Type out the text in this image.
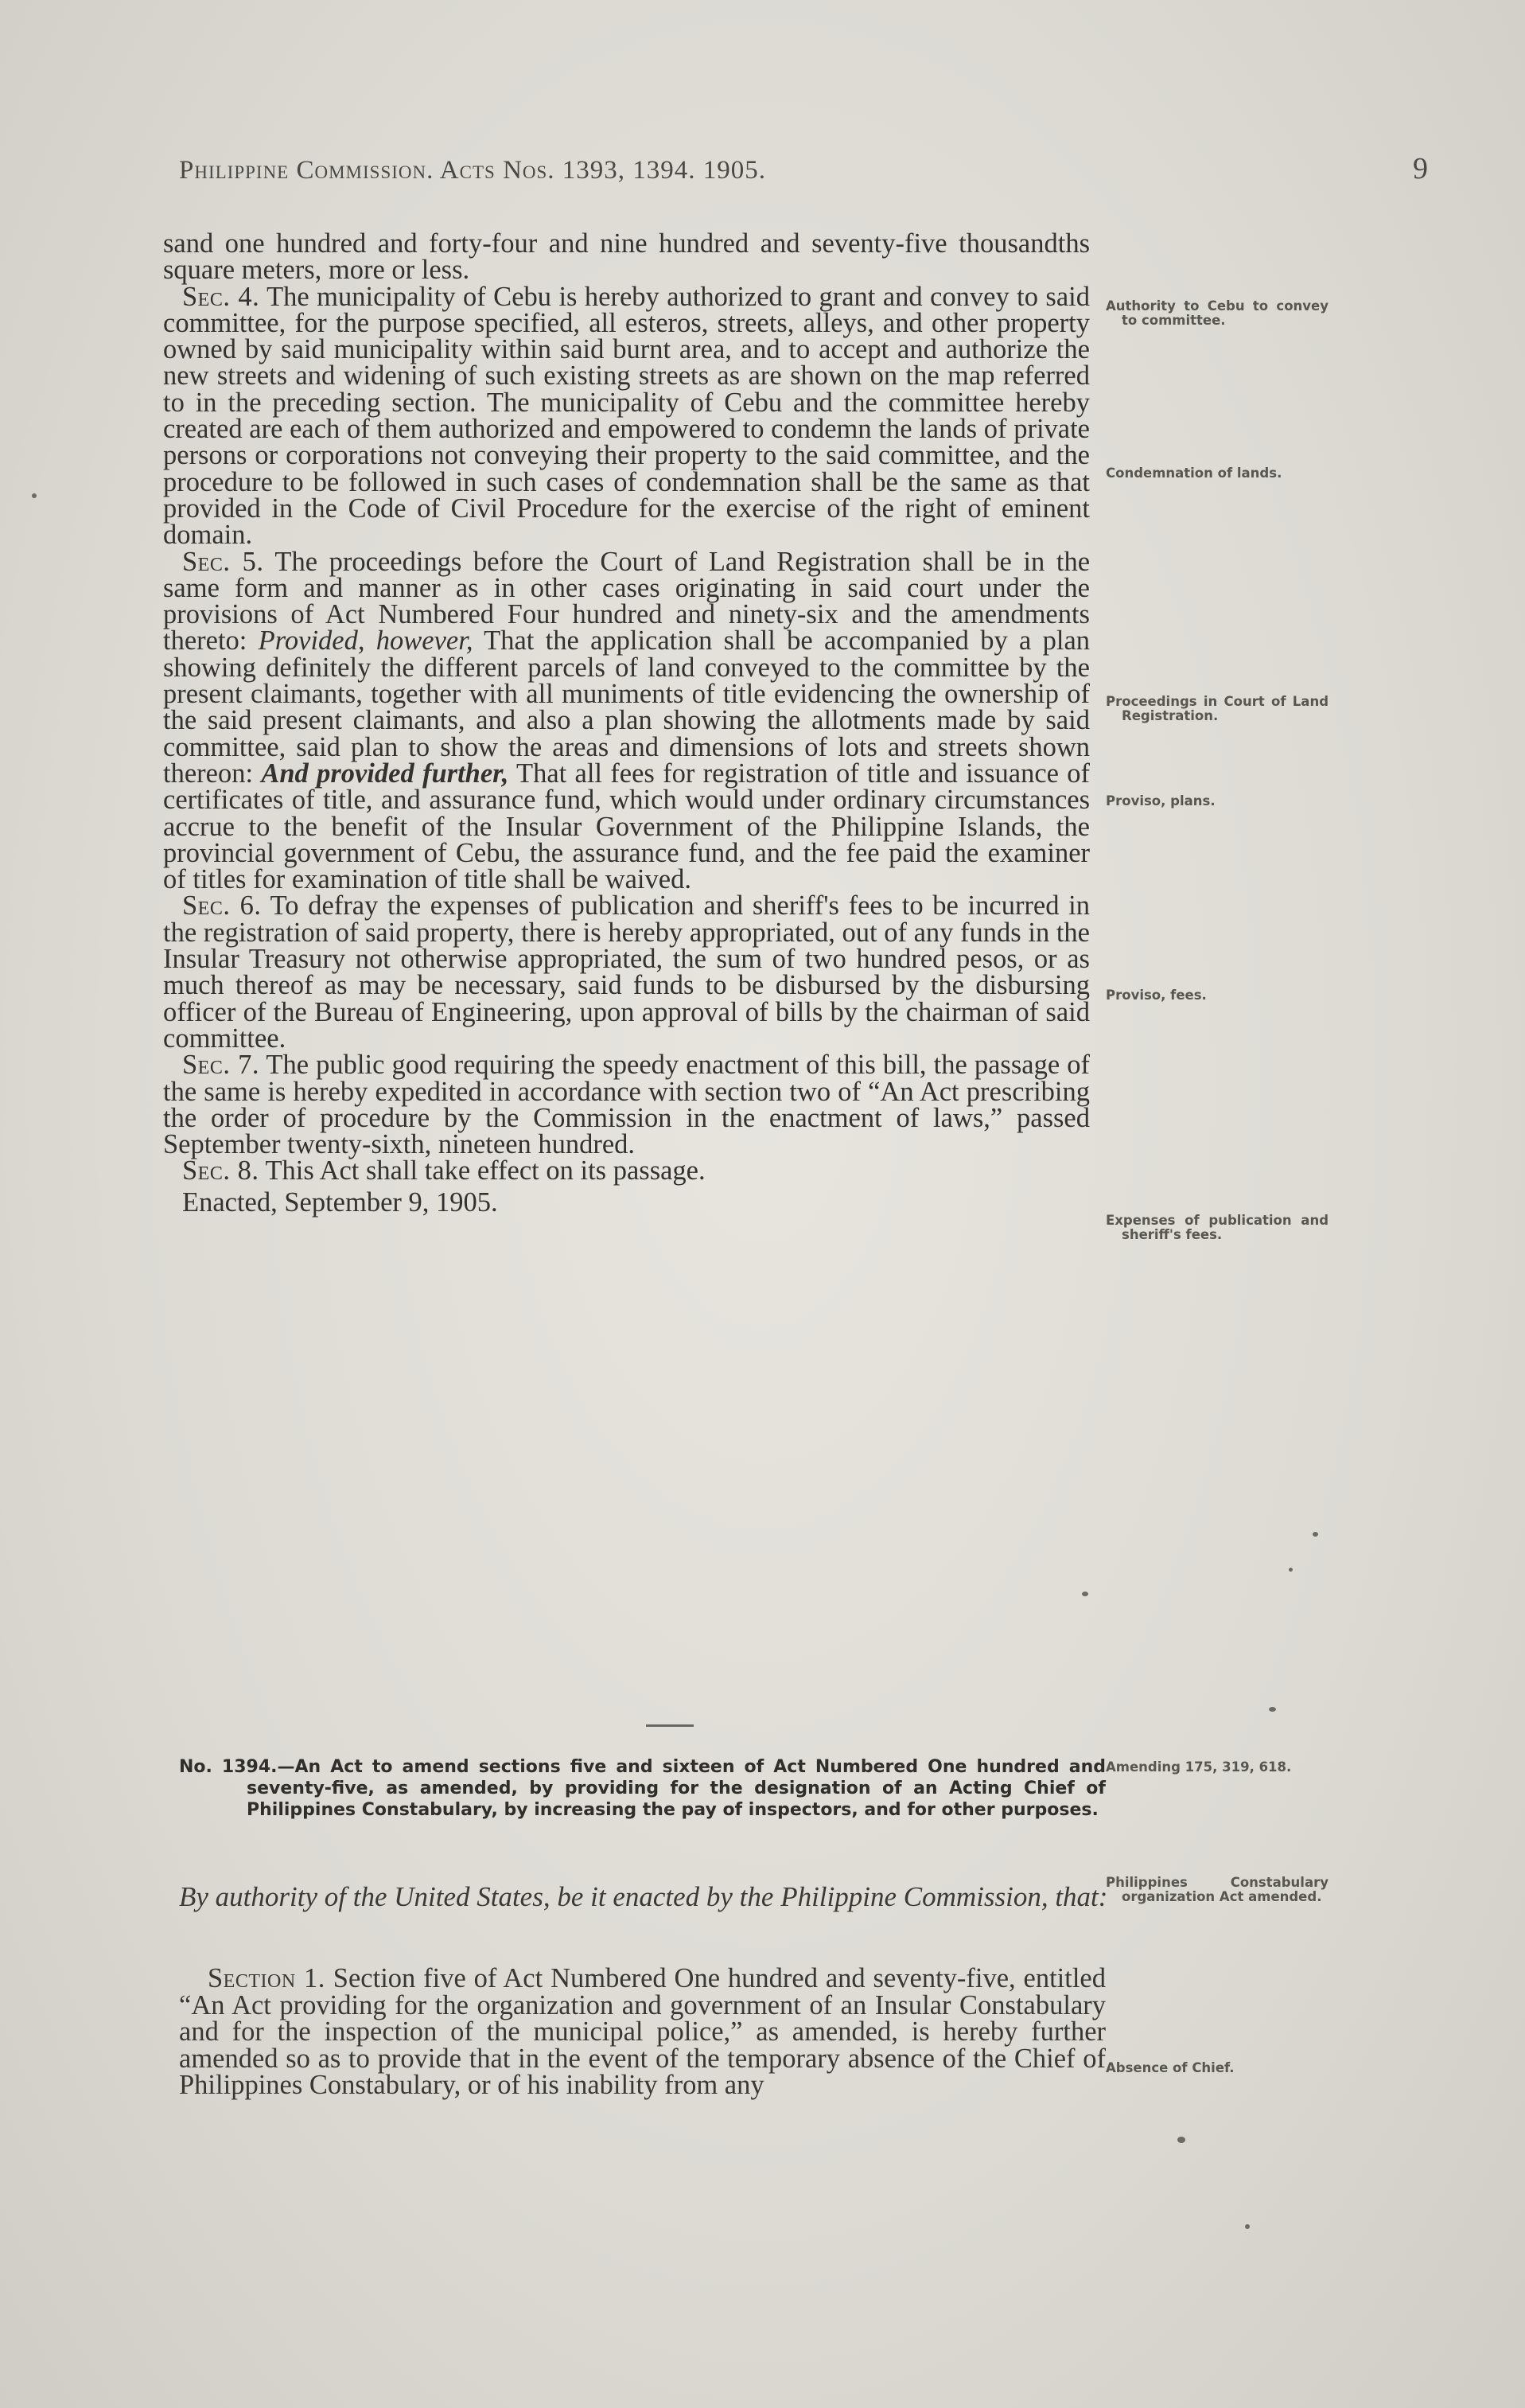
Philippine Commission. Acts Nos. 1393, 1394. 1905.	9

sand one hundred and forty-four and nine hundred and seventy-five thousandths square meters, more or less.

Sec. 4. The municipality of Cebu is hereby authorized to grant and convey to said committee, for the purpose specified, all esteros, streets, alleys, and other property owned by said municipality within said burnt area, and to accept and authorize the new streets and widening of such existing streets as are shown on the map referred to in the preceding section. The municipality of Cebu and the committee hereby created are each of them authorized and empowered to condemn the lands of private persons or corporations not conveying their property to the said committee, and the procedure to be followed in such cases of condemnation shall be the same as that provided in the Code of Civil Procedure for the exercise of the right of eminent domain.

Sec. 5. The proceedings before the Court of Land Registration shall be in the same form and manner as in other cases originating in said court under the provisions of Act Numbered Four hundred and ninety-six and the amendments thereto: Provided, however, That the application shall be accompanied by a plan showing definitely the different parcels of land conveyed to the committee by the present claimants, together with all muniments of title evidencing the ownership of the said present claimants, and also a plan showing the allotments made by said committee, said plan to show the areas and dimensions of lots and streets shown thereon: And provided further, That all fees for registration of title and issuance of certificates of title, and assurance fund, which would under ordinary circumstances accrue to the benefit of the Insular Government of the Philippine Islands, the provincial government of Cebu, the assurance fund, and the fee paid the examiner of titles for examination of title shall be waived.

Sec. 6. To defray the expenses of publication and sheriff's fees to be incurred in the registration of said property, there is hereby appropriated, out of any funds in the Insular Treasury not otherwise appropriated, the sum of two hundred pesos, or as much thereof as may be necessary, said funds to be disbursed by the disbursing officer of the Bureau of Engineering, upon approval of bills by the chairman of said committee.

Sec. 7. The public good requiring the speedy enactment of this bill, the passage of the same is hereby expedited in accordance with section two of “An Act prescribing the order of procedure by the Commission in the enactment of laws,” passed September twenty-sixth, nineteen hundred.

Sec. 8. This Act shall take effect on its passage.

Enacted, September 9, 1905.

No. 1394.—An Act to amend sections five and sixteen of Act Numbered One hundred and seventy-five, as amended, by providing for the designation of an Acting Chief of Philippines Constabulary, by increasing the pay of inspectors, and for other purposes.
By authority of the United States, be it enacted by the Philippine Commission, that:

Section 1. Section five of Act Numbered One hundred and seventy-five, entitled “An Act providing for the organization and government of an Insular Constabulary and for the inspection of the municipal police,” as amended, is hereby further amended so as to provide that in the event of the temporary absence of the Chief of Philippines Constabulary, or of his inability from any

Authority to Cebu to convey to committee.
Condemnation of lands.
Proceedings in Court of Land Registration.
Proviso, plans.
Proviso, fees.
Expenses of publication and sheriff's fees.
Amending 175, 319, 618.
Philippines Constabulary organization Act amended.
Absence of Chief.
